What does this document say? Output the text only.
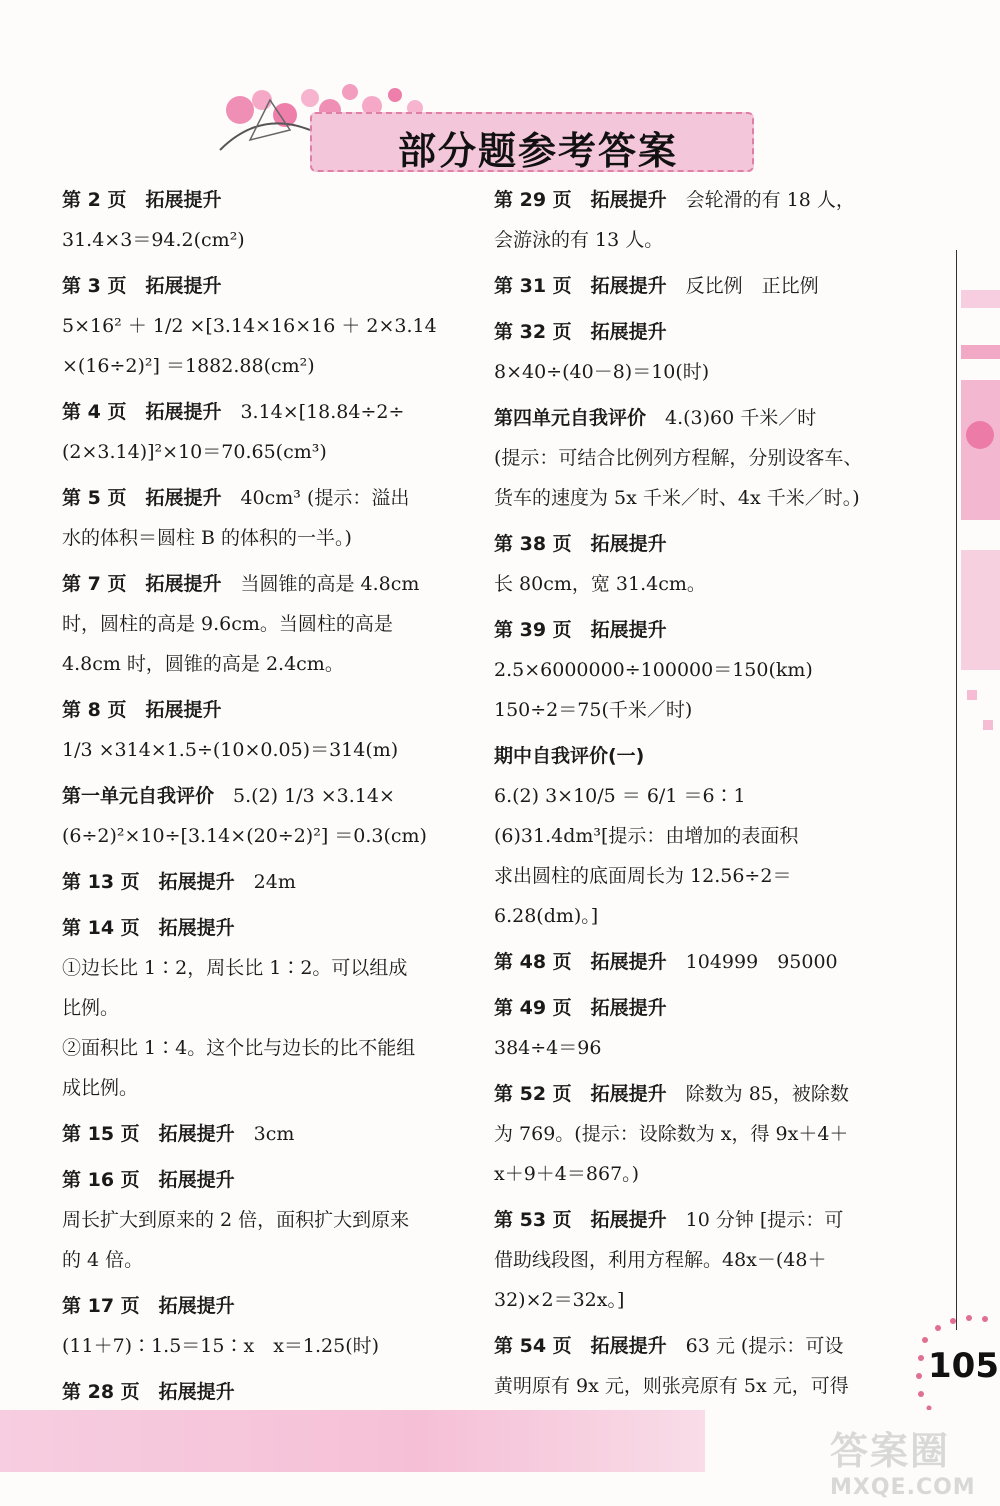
部分题参考答案
第 2 页　拓展提升
31.4×3＝94.2(cm²)
第 3 页　拓展提升
5×16² ＋ 1/2 ×[3.14×16×16 ＋ 2×3.14
×(16÷2)²] ＝1882.88(cm²)
第 4 页　拓展提升　3.14×[18.84÷2÷
(2×3.14)]²×10＝70.65(cm³)
第 5 页　拓展提升　40cm³ (提示：溢出
水的体积＝圆柱 B 的体积的一半。)
第 7 页　拓展提升　当圆锥的高是 4.8cm
时，圆柱的高是 9.6cm。当圆柱的高是
4.8cm 时，圆锥的高是 2.4cm。
第 8 页　拓展提升
1/3 ×314×1.5÷(10×0.05)＝314(m)
第一单元自我评价　5.(2) 1/3 ×3.14×
(6÷2)²×10÷[3.14×(20÷2)²] ＝0.3(cm)
第 13 页　拓展提升　24m
第 14 页　拓展提升
①边长比 1∶2，周长比 1∶2。可以组成
比例。
②面积比 1∶4。这个比与边长的比不能组
成比例。
第 15 页　拓展提升　3cm
第 16 页　拓展提升
周长扩大到原来的 2 倍，面积扩大到原来
的 4 倍。
第 17 页　拓展提升
(11＋7)∶1.5＝15∶x　x＝1.25(时)
第 28 页　拓展提升
第 29 页　拓展提升　会轮滑的有 18 人，
会游泳的有 13 人。
第 31 页　拓展提升　反比例　正比例
第 32 页　拓展提升
8×40÷(40－8)＝10(时)
第四单元自我评价　4.(3)60 千米／时
(提示：可结合比例列方程解，分别设客车、
货车的速度为 5x 千米／时、4x 千米／时。)
第 38 页　拓展提升
长 80cm，宽 31.4cm。
第 39 页　拓展提升
2.5×6000000÷100000＝150(km)
150÷2＝75(千米／时)
期中自我评价(一)
6.(2) 3×10/5 ＝ 6/1 ＝6∶1
(6)31.4dm³[提示：由增加的表面积
求出圆柱的底面周长为 12.56÷2＝
6.28(dm)。]
第 48 页　拓展提升　104999　95000
第 49 页　拓展提升
384÷4＝96
第 52 页　拓展提升　除数为 85，被除数
为 769。(提示：设除数为 x，得 9x＋4＋
x＋9＋4＝867。)
第 53 页　拓展提升　10 分钟 [提示：可
借助线段图，利用方程解。48x－(48＋
32)×2＝32x。]
第 54 页　拓展提升　63 元 (提示：可设
黄明原有 9x 元，则张亮原有 5x 元，可得	105
答案圈
MXQE.COM
